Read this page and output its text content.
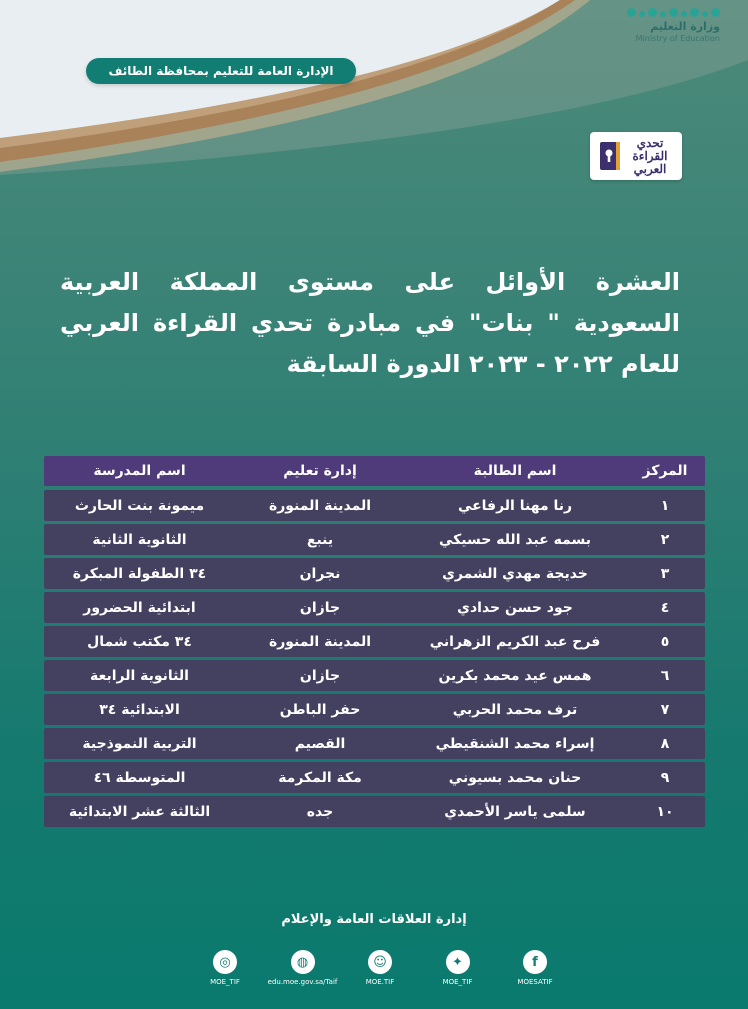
وزارة التعليم
Ministry of Education
الإدارة العامة للتعليم بمحافظة الطائف
تحدي القراءة العربي
العشرة الأوائل على مستوى المملكة العربية السعودية " بنات" في مبادرة تحدي القراءة العربي للعام ٢٠٢٢ - ٢٠٢٣ الدورة السابقة
المركز
اسم الطالبة
إدارة تعليم
اسم المدرسة
١
رنا مهنا الرفاعي
المدينة المنورة
ميمونة بنت الحارث
٢
بسمه عبد الله حسيكي
ينبع
الثانوية الثانية
٣
خديجة مهدي الشمري
نجران
٣٤ الطفولة المبكرة
٤
جود حسن حدادي
جازان
ابتدائية الحضرور
٥
فرح عبد الكريم الزهراني
المدينة المنورة
٣٤ مكتب شمال
٦
همس عيد محمد بكرين
جازان
الثانوية الرابعة
٧
ترف محمد الحربي
حفر الباطن
الابتدائية ٣٤
٨
إسراء محمد الشنقيطي
القصيم
التربية النموذجية
٩
حنان محمد بسيوني
مكة المكرمة
المتوسطة ٤٦
١٠
سلمى ياسر الأحمدي
جده
الثالثة عشر الابتدائية
إدارة العلاقات العامة والإعلام
◎
MOE_TIF
◍
edu.moe.gov.sa/Taif
☺
MOE.TIF
✦
MOE_TIF
f
MOESATIF
